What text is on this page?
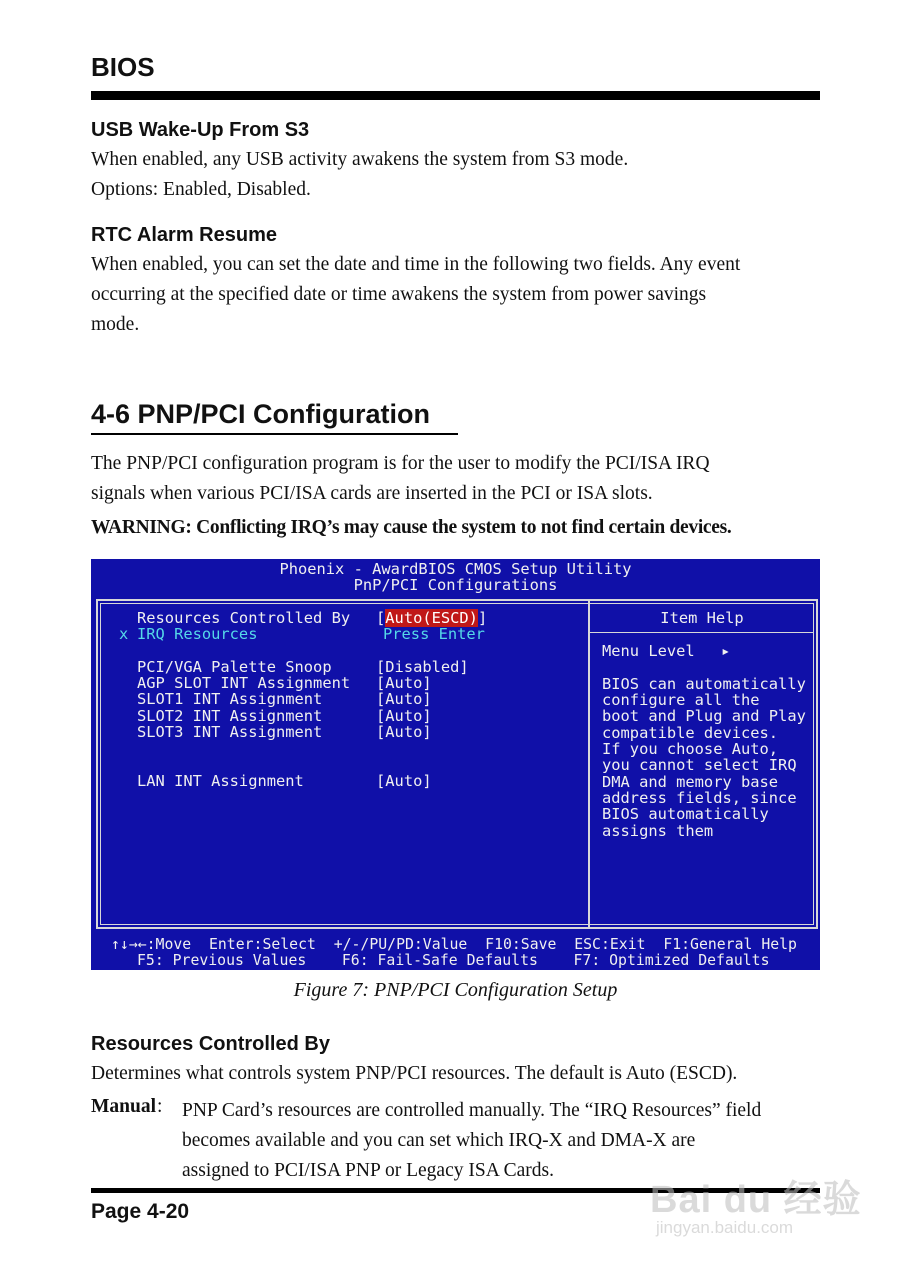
BIOS
USB Wake-Up From S3
When enabled, any USB activity awakens the system from S3 mode.
Options: Enabled, Disabled.
RTC Alarm Resume
When enabled, you can set the date and time in the following two fields. Any event
occurring at the specified date or time awakens the system from power savings
mode.
4-6 PNP/PCI Configuration
The PNP/PCI configuration program is for the user to modify the PCI/ISA IRQ
signals when various PCI/ISA cards are inserted in the PCI or ISA slots.
WARNING: Conflicting IRQ’s may cause the system to not find certain devices.
Phoenix - AwardBIOS CMOS Setup Utility
PnP/PCI Configurations
Resources Controlled By [Auto(ESCD)]
x IRQ Resources	Press Enter
PCI/VGA Palette Snoop	[Disabled]
AGP SLOT INT Assignment [Auto]
SLOT1 INT Assignment	[Auto]
SLOT2 INT Assignment	[Auto]
SLOT3 INT Assignment	[Auto]
LAN INT Assignment	[Auto]
Item Help
Menu Level ▸
BIOS can automatically
configure all the
boot and Plug and Play
compatible devices.
If you choose Auto,
you cannot select IRQ
DMA and memory base
address fields, since
BIOS automatically
assigns them
↑↓→←:Move  Enter:Select  +/-/PU/PD:Value  F10:Save  ESC:Exit  F1:General Help
F5: Previous Values    F6: Fail-Safe Defaults    F7: Optimized Defaults
Figure 7: PNP/PCI Configuration Setup
Resources Controlled By
Determines what controls system PNP/PCI resources. The default is Auto (ESCD).
Manual : PNP Card’s resources are controlled manually. The “IRQ Resources” field
becomes available and you can set which IRQ-X and DMA-X are
assigned to PCI/ISA PNP or Legacy ISA Cards.
Page 4-20	Bai du 经验
jingyan.baidu.com
